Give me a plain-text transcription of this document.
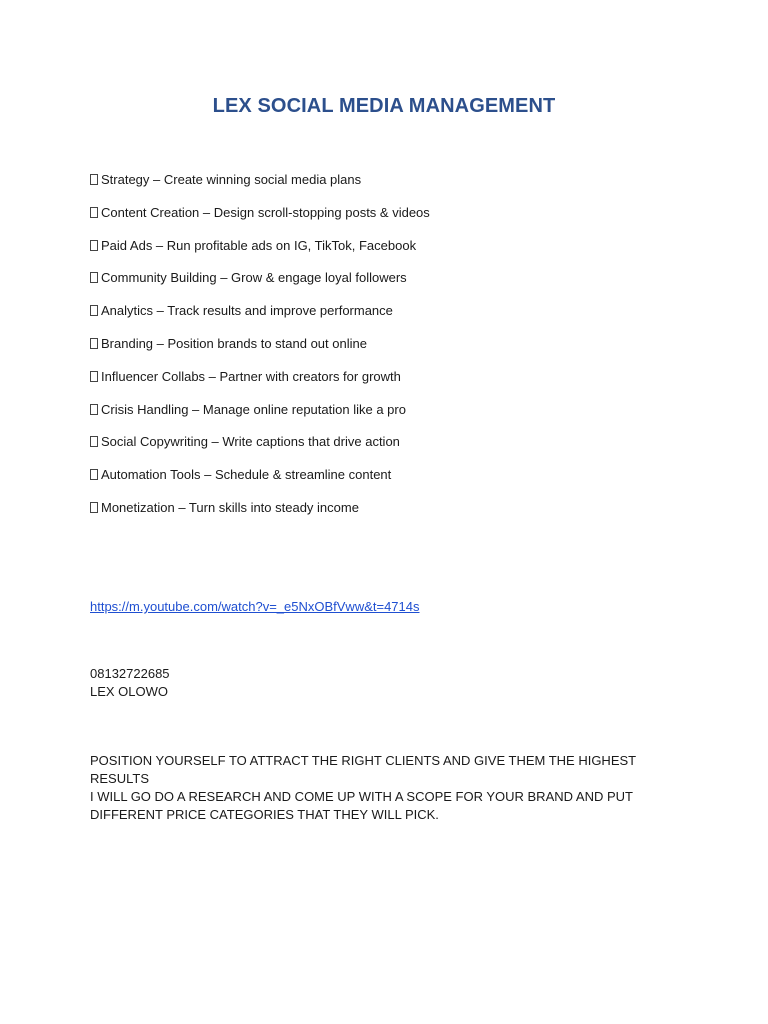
LEX SOCIAL MEDIA MANAGEMENT
Strategy – Create winning social media plans
Content Creation – Design scroll-stopping posts & videos
Paid Ads – Run profitable ads on IG, TikTok, Facebook
Community Building – Grow & engage loyal followers
Analytics – Track results and improve performance
Branding – Position brands to stand out online
Influencer Collabs – Partner with creators for growth
Crisis Handling – Manage online reputation like a pro
Social Copywriting – Write captions that drive action
Automation Tools – Schedule & streamline content
Monetization – Turn skills into steady income
https://m.youtube.com/watch?v=_e5NxOBfVww&t=4714s

08132722685

LEX OLOWO

POSITION YOURSELF TO ATTRACT THE RIGHT CLIENTS AND GIVE THEM THE HIGHEST RESULTS

I WILL GO DO A RESEARCH AND COME UP WITH A SCOPE FOR YOUR BRAND AND PUT DIFFERENT PRICE CATEGORIES THAT THEY WILL PICK.
